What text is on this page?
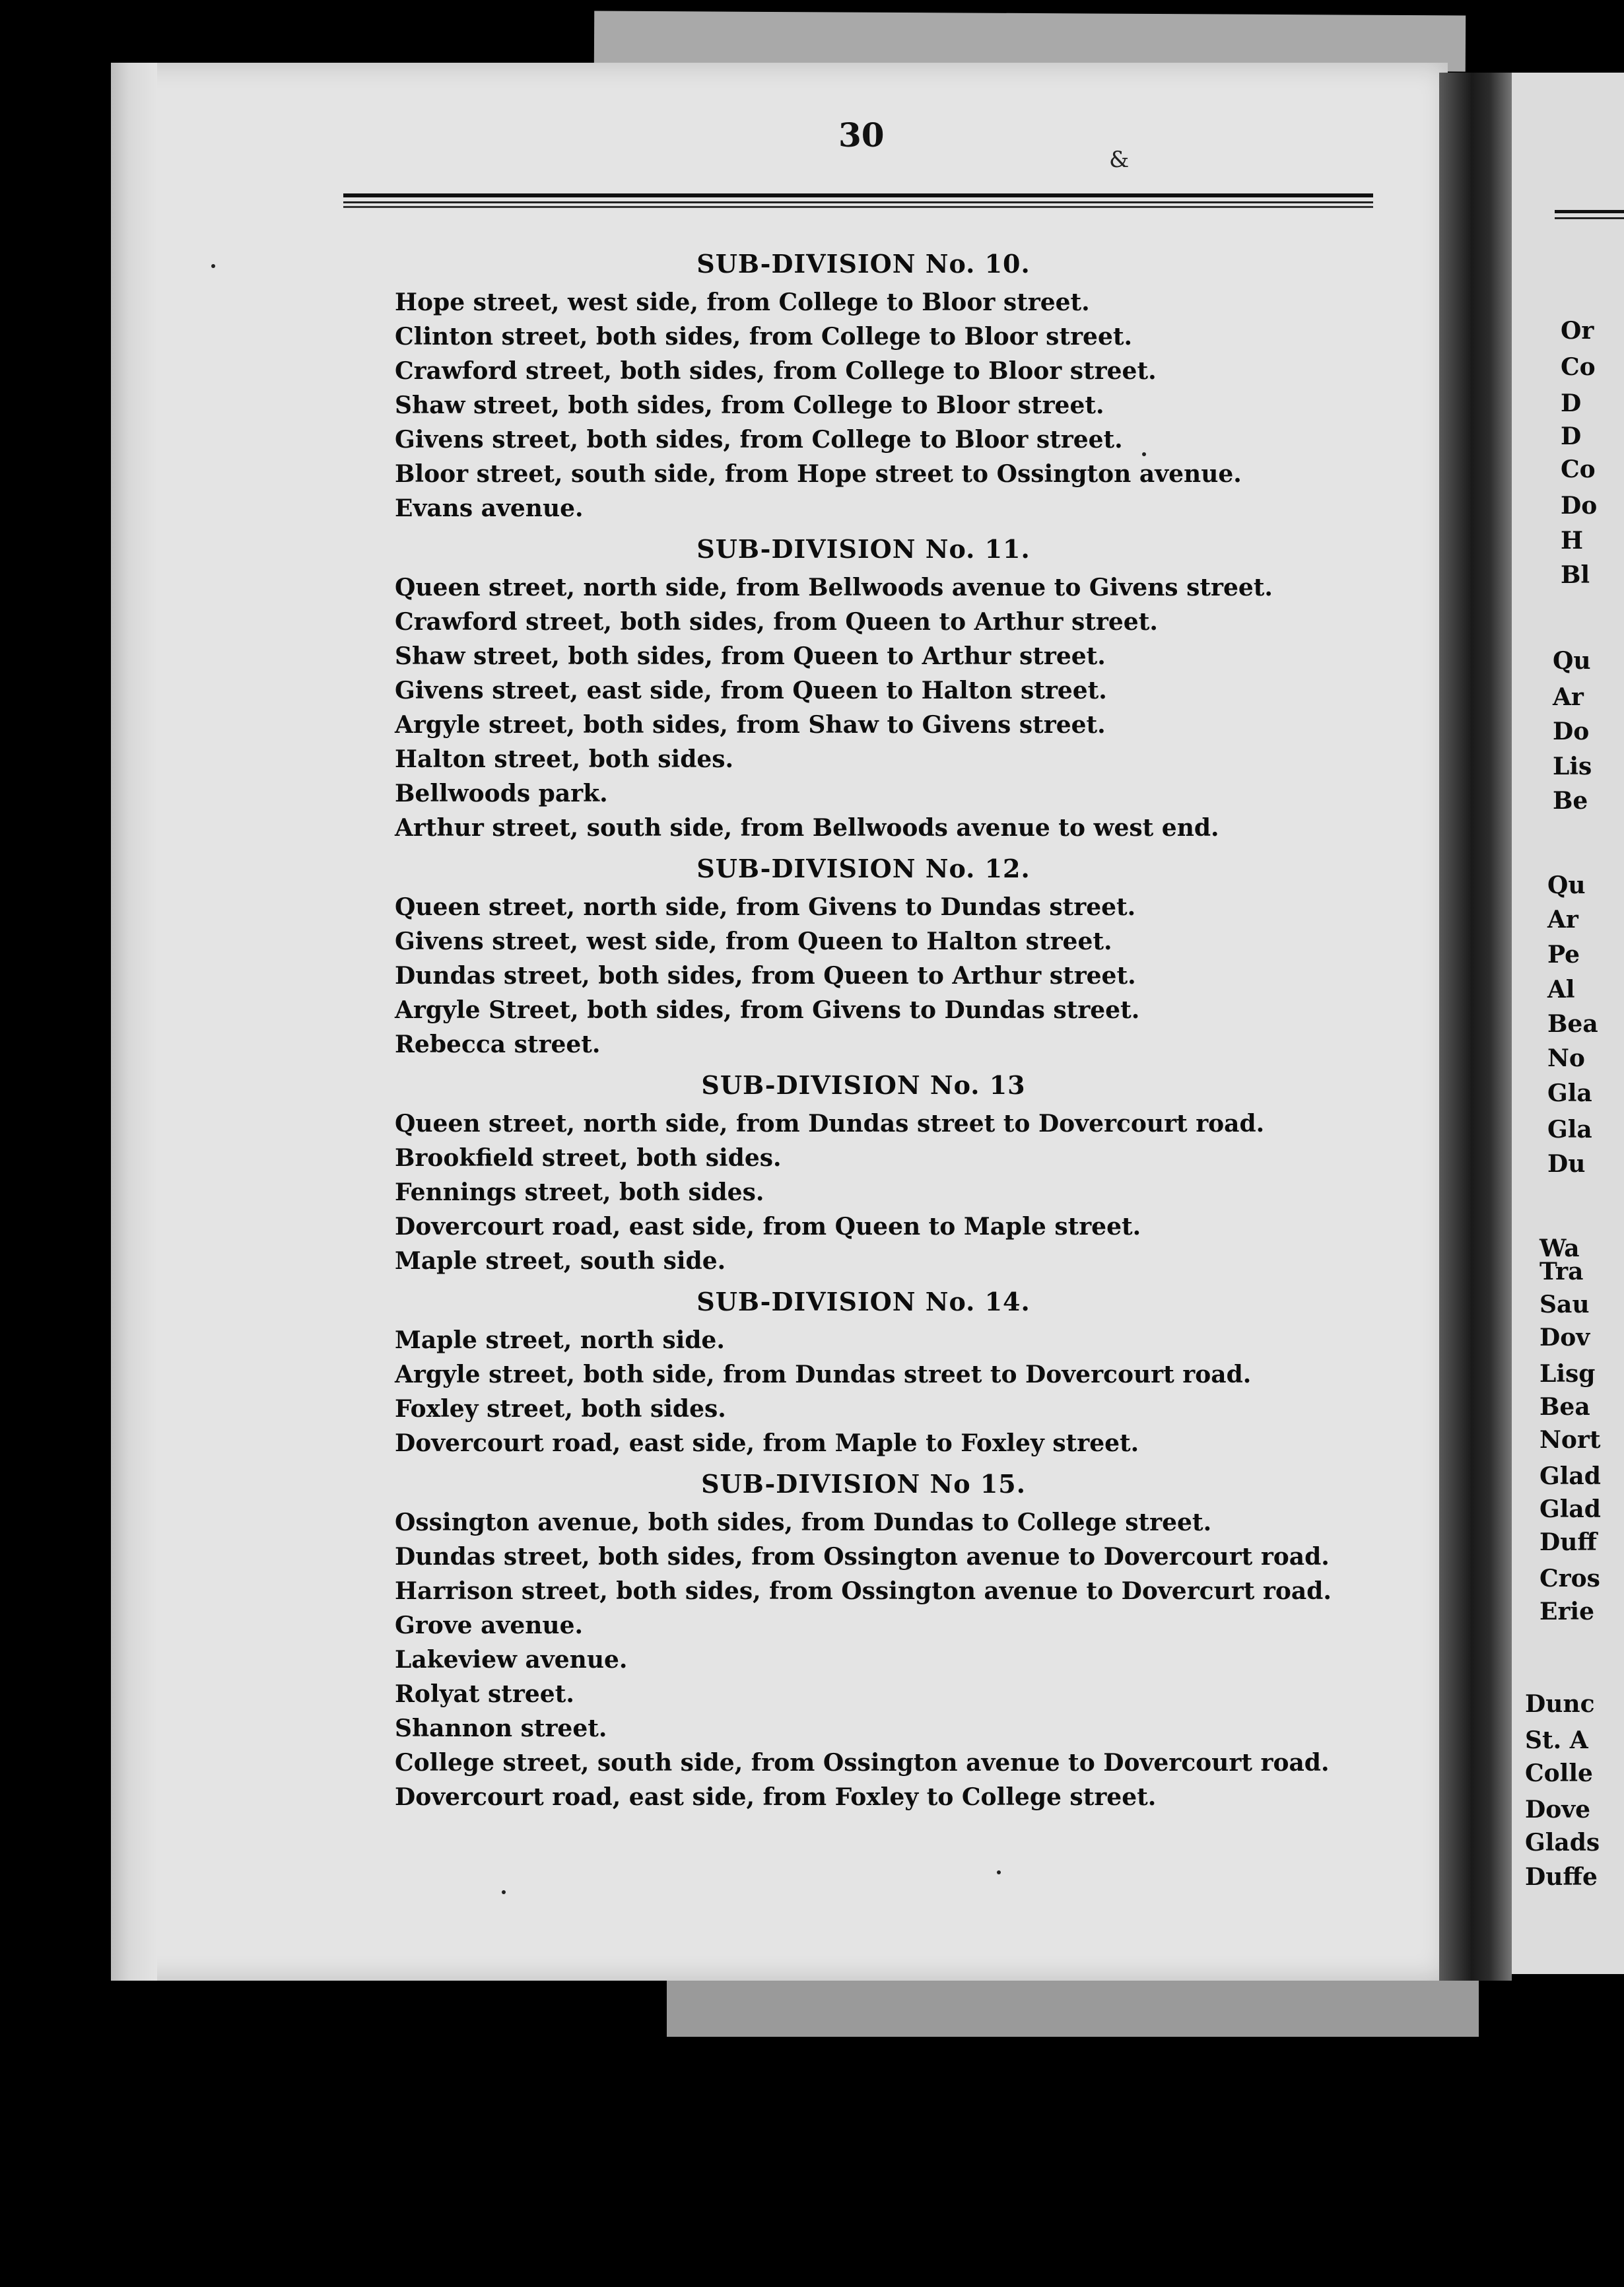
30
&
SUB-DIVISION No. 10.
Hope street, west side, from College to Bloor street.
Clinton street, both sides, from College to Bloor street.
Crawford street, both sides, from College to Bloor street.
Shaw street, both sides, from College to Bloor street.
Givens street, both sides, from College to Bloor street.
Bloor street, south side, from Hope street to Ossington avenue.
Evans avenue.
SUB-DIVISION No. 11.
Queen street, north side, from Bellwoods avenue to Givens street.
Crawford street, both sides, from Queen to Arthur street.
Shaw street, both sides, from Queen to Arthur street.
Givens street, east side, from Queen to Halton street.
Argyle street, both sides, from Shaw to Givens street.
Halton street, both sides.
Bellwoods park.
Arthur street, south side, from Bellwoods avenue to west end.
SUB-DIVISION No. 12.
Queen street, north side, from Givens to Dundas street.
Givens street, west side, from Queen to Halton street.
Dundas street, both sides, from Queen to Arthur street.
Argyle Street, both sides, from Givens to Dundas street.
Rebecca street.
SUB-DIVISION No. 13
Queen street, north side, from Dundas street to Dovercourt road.
Brookfield street, both sides.
Fennings street, both sides.
Dovercourt road, east side, from Queen to Maple street.
Maple street, south side.
SUB-DIVISION No. 14.
Maple street, north side.
Argyle street, both side, from Dundas street to Dovercourt road.
Foxley street, both sides.
Dovercourt road, east side, from Maple to Foxley street.
SUB-DIVISION No 15.
Ossington avenue, both sides, from Dundas to College street.
Dundas street, both sides, from Ossington avenue to Dovercourt road.
Harrison street, both sides, from Ossington avenue to Dovercurt road.
Grove avenue.
Lakeview avenue.
Rolyat street.
Shannon street.
College street, south side, from Ossington avenue to Dovercourt road.
Dovercourt road, east side, from Foxley to College street.
Or
Co
D
D
Co
Do
H
Bl
Qu
Ar
Do
Lis
Be
Qu
Ar
Pe
Al
Bea
No
Gla
Gla
Du
Wa
Tra
Sau
Dov
Lisg
Bea
Nort
Glad
Glad
Duff
Cros
Erie
Dunc
St. A
Colle
Dove
Glads
Duffe
